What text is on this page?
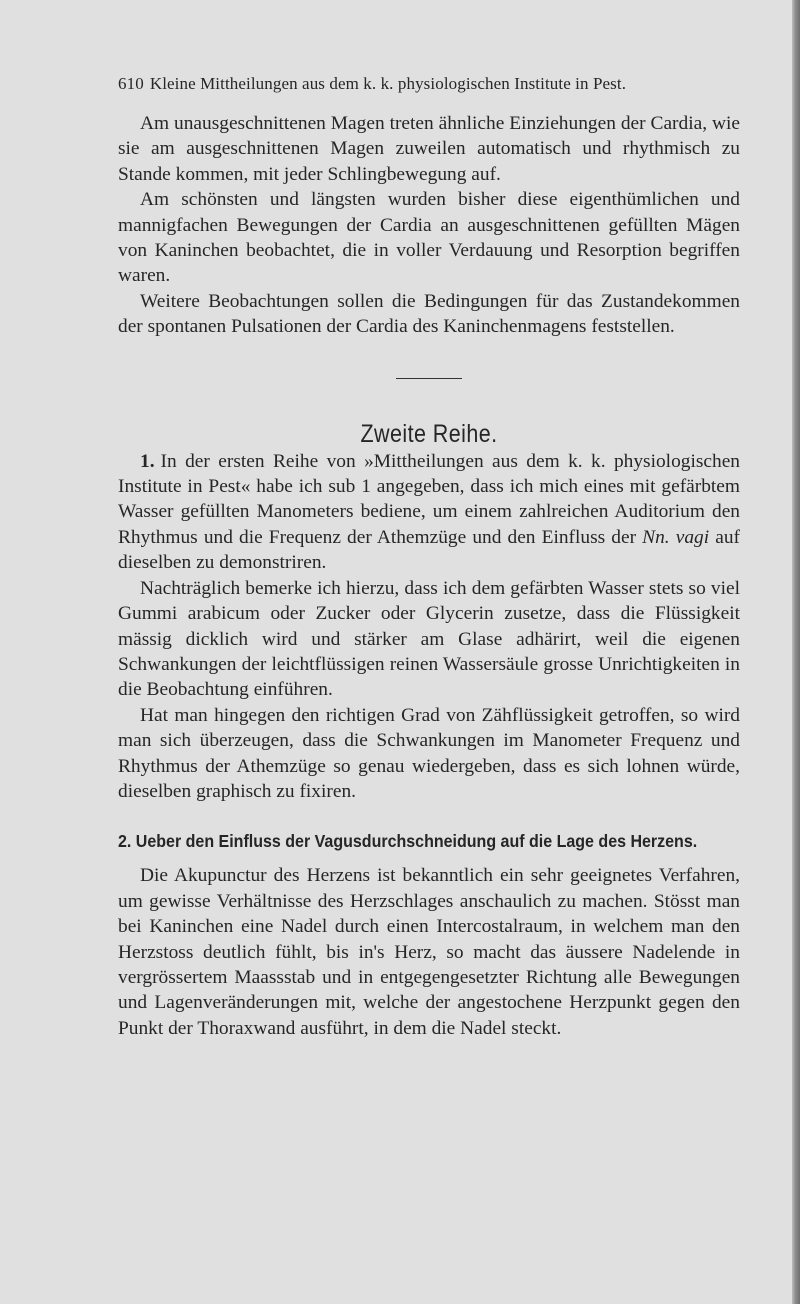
610 Kleine Mittheilungen aus dem k. k. physiologischen Institute in Pest.

Am unausgeschnittenen Magen treten ähnliche Einziehungen der Cardia, wie sie am ausgeschnittenen Magen zuweilen automatisch und rhythmisch zu Stande kommen, mit jeder Schlingbewegung auf.

Am schönsten und längsten wurden bisher diese eigenthümlichen und mannigfachen Bewegungen der Cardia an ausgeschnittenen gefüllten Mägen von Kaninchen beobachtet, die in voller Verdauung und Resorption begriffen waren.

Weitere Beobachtungen sollen die Bedingungen für das Zustandekommen der spontanen Pulsationen der Cardia des Kaninchenmagens feststellen.

Zweite Reihe.

1. In der ersten Reihe von »Mittheilungen aus dem k. k. physiologischen Institute in Pest« habe ich sub 1 angegeben, dass ich mich eines mit gefärbtem Wasser gefüllten Manometers bediene, um einem zahlreichen Auditorium den Rhythmus und die Frequenz der Athemzüge und den Einfluss der Nn. vagi auf dieselben zu demonstriren.

Nachträglich bemerke ich hierzu, dass ich dem gefärbten Wasser stets so viel Gummi arabicum oder Zucker oder Glycerin zusetze, dass die Flüssigkeit mässig dicklich wird und stärker am Glase adhärirt, weil die eigenen Schwankungen der leichtflüssigen reinen Wassersäule grosse Unrichtigkeiten in die Beobachtung einführen.

Hat man hingegen den richtigen Grad von Zähflüssigkeit getroffen, so wird man sich überzeugen, dass die Schwankungen im Manometer Frequenz und Rhythmus der Athemzüge so genau wiedergeben, dass es sich lohnen würde, dieselben graphisch zu fixiren.

2. Ueber den Einfluss der Vagusdurchschneidung auf die Lage des Herzens.

Die Akupunctur des Herzens ist bekanntlich ein sehr geeignetes Verfahren, um gewisse Verhältnisse des Herzschlages anschaulich zu machen. Stösst man bei Kaninchen eine Nadel durch einen Intercostalraum, in welchem man den Herzstoss deutlich fühlt, bis in's Herz, so macht das äussere Nadelende in vergrössertem Maassstab und in entgegengesetzter Richtung alle Bewegungen und Lagenveränderungen mit, welche der angestochene Herzpunkt gegen den Punkt der Thoraxwand ausführt, in dem die Nadel steckt.
